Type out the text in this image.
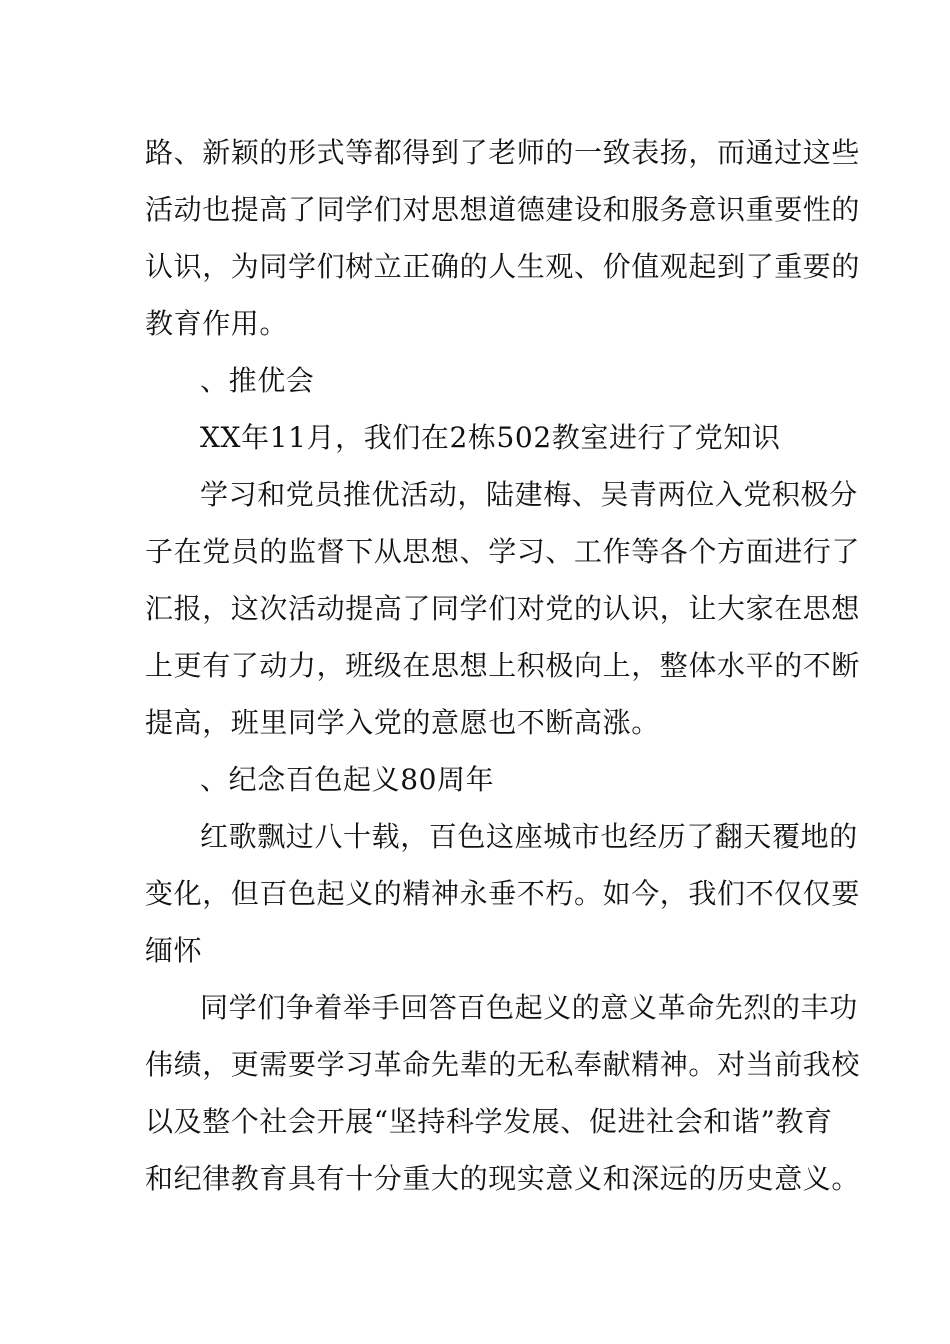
路、新颖的形式等都得到了老师的一致表扬，而通过这些
活动也提高了同学们对思想道德建设和服务意识重要性的
认识，为同学们树立正确的人生观、价值观起到了重要的
教育作用。
、推优会
XX年11月，我们在2栋502教室进行了党知识
学习和党员推优活动，陆建梅、吴青两位入党积极分
子在党员的监督下从思想、学习、工作等各个方面进行了
汇报，这次活动提高了同学们对党的认识，让大家在思想
上更有了动力，班级在思想上积极向上，整体水平的不断
提高，班里同学入党的意愿也不断高涨。
、纪念百色起义80周年
红歌飘过八十载，百色这座城市也经历了翻天覆地的
变化，但百色起义的精神永垂不朽。如今，我们不仅仅要
缅怀
同学们争着举手回答百色起义的意义革命先烈的丰功
伟绩，更需要学习革命先辈的无私奉献精神。对当前我校
以及整个社会开展“坚持科学发展、促进社会和谐”教育
和纪律教育具有十分重大的现实意义和深远的历史意义。
